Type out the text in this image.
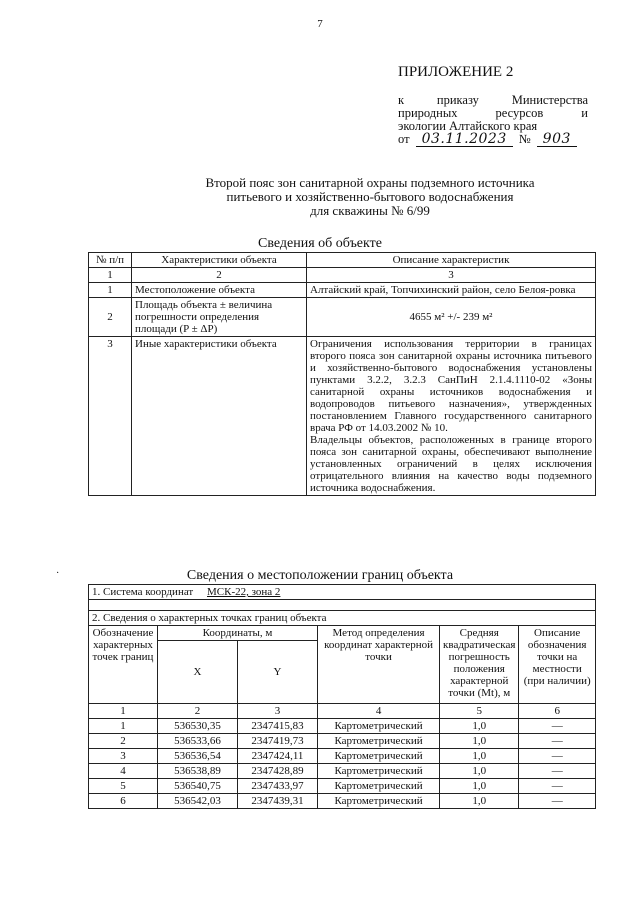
7
ПРИЛОЖЕНИЕ 2
к	приказу	Министерства
природных	ресурсов	и
экологии Алтайского края
от 03.11.2023 № 903
Второй пояс зон санитарной охраны подземного источника
питьевого и хозяйственно-бытового водоснабжения
для скважины № 6/99
Сведения об объекте
№ п/п	Характеристики объекта	Описание характеристик
1	2	3
1	Местоположение объекта	Алтайский край, Топчихинский район, село Белоя-ровка
2	Площадь объекта ± величина погрешности определения площади (P ± ΔP)	4655 м² +/- 239 м²
3	Иные характеристики объекта	Ограничения использования территории в границах второго пояса зон санитарной охраны источника питьевого и хозяйственно-бытового водоснабжения установлены пунктами 3.2.2, 3.2.3 СанПиН 2.1.4.1110-02 «Зоны санитарной охраны источников водоснабжения и водопроводов питьевого назначения», утвержденных постановлением Главного государственного санитарного врача РФ от 14.03.2002 № 10.
Владельцы объектов, расположенных в границе второго пояса зон санитарной охраны, обеспечивают выполнение установленных ограничений в целях исключения отрицательного влияния на качество воды подземного источника водоснабжения.
·	Сведения о местоположении границ объекта
1. Система координат МСК-22, зона 2					

2. Сведения о характерных точках границ объекта					
Обозначение характерных точек границ	Координаты, м		Метод определения координат характерной точки	Средняя квадратическая погрешность положения характерной точки (Mt), м	Описание обозначения точки на местности (при наличии)
	X	Y			
1	2	3	4	5	6
1	536530,35	2347415,83	Картометрический	1,0	—
2	536533,66	2347419,73	Картометрический	1,0	—
3	536536,54	2347424,11	Картометрический	1,0	—
4	536538,89	2347428,89	Картометрический	1,0	—
5	536540,75	2347433,97	Картометрический	1,0	—
6	536542,03	2347439,31	Картометрический	1,0	—
